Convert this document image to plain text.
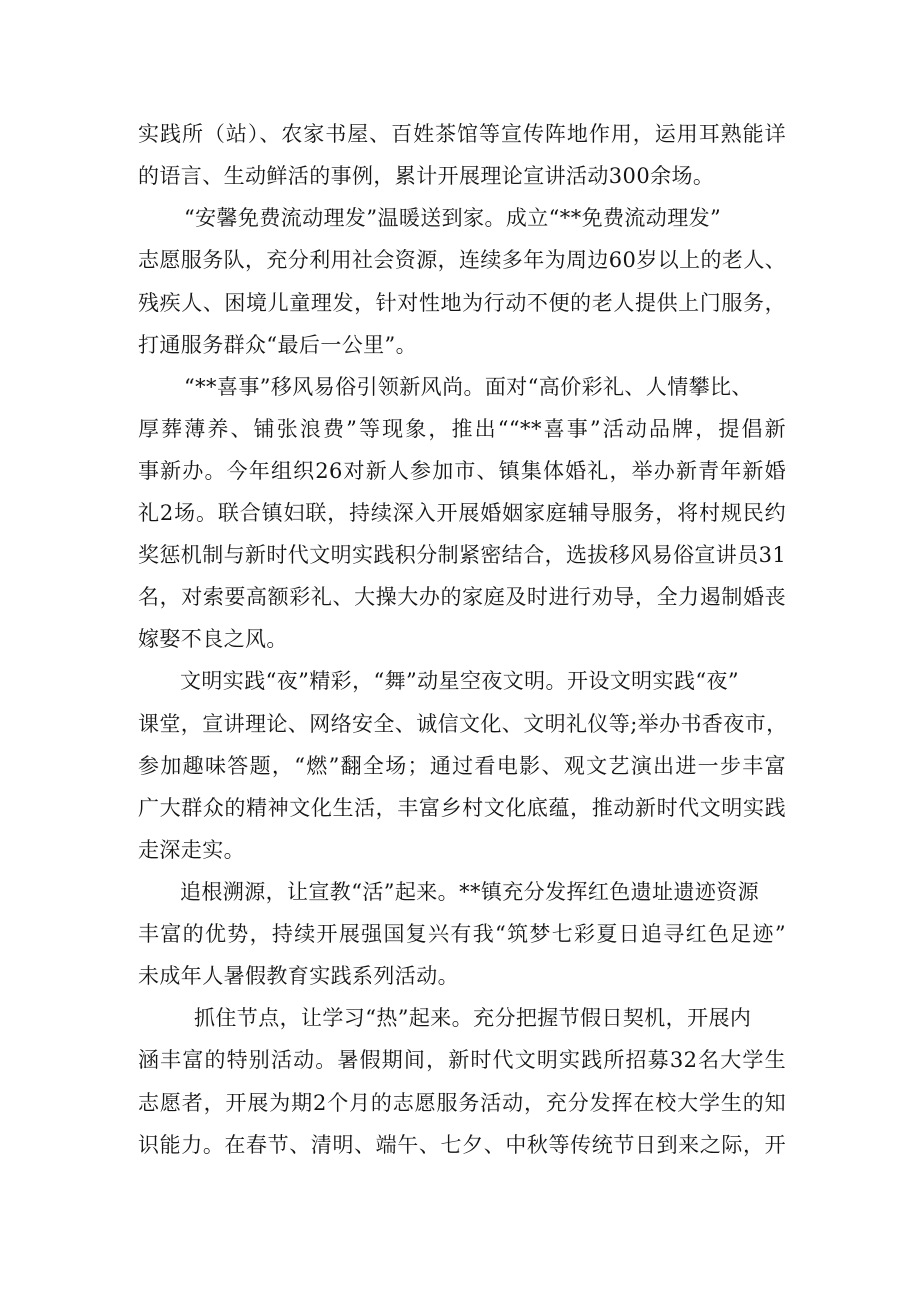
实践所（站）、农家书屋、百姓茶馆等宣传阵地作用，运用耳熟能详
的语言、生动鲜活的事例，累计开展理论宣讲活动300余场。
“安馨免费流动理发”温暖送到家。成立“**免费流动理发”
志愿服务队，充分利用社会资源，连续多年为周边60岁以上的老人、
残疾人、困境儿童理发，针对性地为行动不便的老人提供上门服务，
打通服务群众“最后一公里”。
“**喜事”移风易俗引领新风尚。面对“高价彩礼、人情攀比、
厚葬薄养、铺张浪费”等现象，推出““**喜事”活动品牌，提倡新
事新办。今年组织26对新人参加市、镇集体婚礼，举办新青年新婚
礼2场。联合镇妇联，持续深入开展婚姻家庭辅导服务，将村规民约
奖惩机制与新时代文明实践积分制紧密结合，选拔移风易俗宣讲员31
名，对索要高额彩礼、大操大办的家庭及时进行劝导，全力遏制婚丧
嫁娶不良之风。
文明实践“夜”精彩，“舞”动星空夜文明。开设文明实践“夜”
课堂，宣讲理论、网络安全、诚信文化、文明礼仪等;举办书香夜市，
参加趣味答题，“燃”翻全场；通过看电影、观文艺演出进一步丰富
广大群众的精神文化生活，丰富乡村文化底蕴，推动新时代文明实践
走深走实。
追根溯源，让宣教“活”起来。**镇充分发挥红色遗址遗迹资源
丰富的优势，持续开展强国复兴有我“筑梦七彩夏日追寻红色足迹”
未成年人暑假教育实践系列活动。
抓住节点，让学习“热”起来。充分把握节假日契机，开展内
涵丰富的特别活动。暑假期间，新时代文明实践所招募32名大学生
志愿者，开展为期2个月的志愿服务活动，充分发挥在校大学生的知
识能力。在春节、清明、端午、七夕、中秋等传统节日到来之际，开
